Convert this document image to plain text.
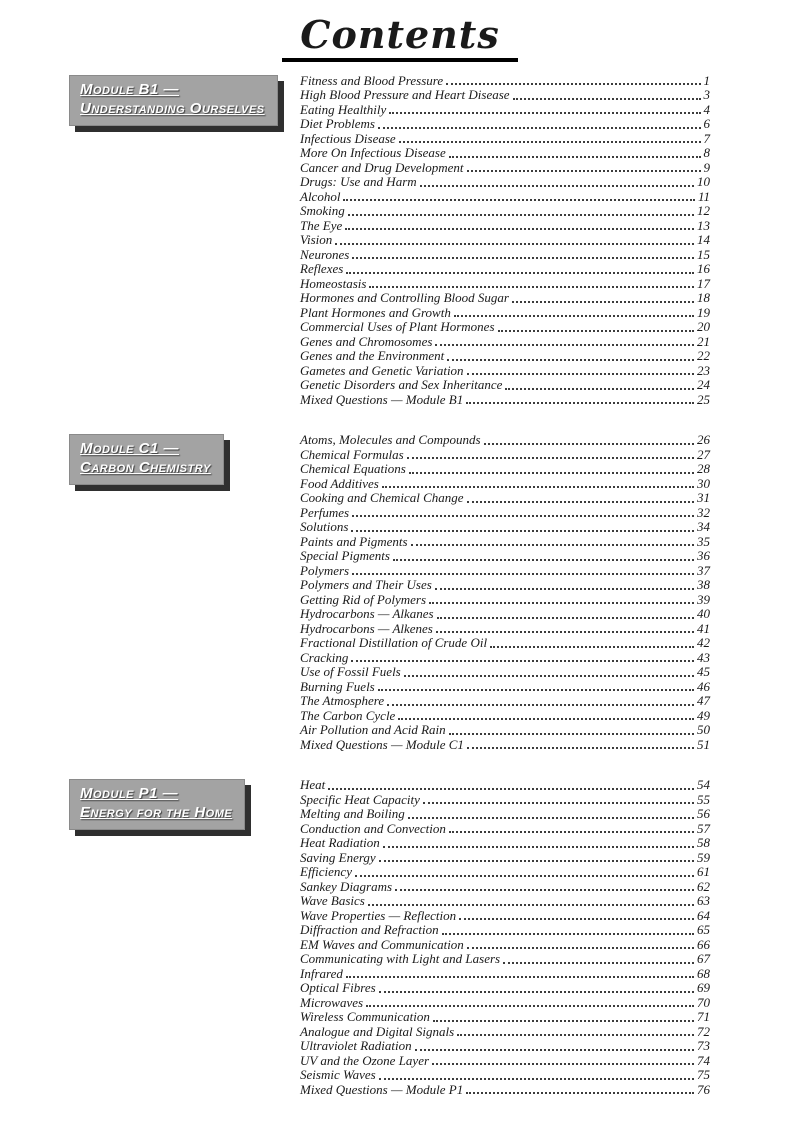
Contents
Module B1 —
Understanding Ourselves
Fitness and Blood Pressure	1
High Blood Pressure and Heart Disease	3
Eating Healthily	4
Diet Problems	6
Infectious Disease	7
More On Infectious Disease	8
Cancer and Drug Development	9
Drugs: Use and Harm	10
Alcohol	11
Smoking	12
The Eye	13
Vision	14
Neurones	15
Reflexes	16
Homeostasis	17
Hormones and Controlling Blood Sugar	18
Plant Hormones and Growth	19
Commercial Uses of Plant Hormones	20
Genes and Chromosomes	21
Genes and the Environment	22
Gametes and Genetic Variation	23
Genetic Disorders and Sex Inheritance	24
Mixed Questions — Module B1	25
Module C1 —
Carbon Chemistry
Atoms, Molecules and Compounds	26
Chemical Formulas	27
Chemical Equations	28
Food Additives	30
Cooking and Chemical Change	31
Perfumes	32
Solutions	34
Paints and Pigments	35
Special Pigments	36
Polymers	37
Polymers and Their Uses	38
Getting Rid of Polymers	39
Hydrocarbons — Alkanes	40
Hydrocarbons — Alkenes	41
Fractional Distillation of Crude Oil	42
Cracking	43
Use of Fossil Fuels	45
Burning Fuels	46
The Atmosphere	47
The Carbon Cycle	49
Air Pollution and Acid Rain	50
Mixed Questions — Module C1	51
Module P1 —
Energy for the Home
Heat	54
Specific Heat Capacity	55
Melting and Boiling	56
Conduction and Convection	57
Heat Radiation	58
Saving Energy	59
Efficiency	61
Sankey Diagrams	62
Wave Basics	63
Wave Properties — Reflection	64
Diffraction and Refraction	65
EM Waves and Communication	66
Communicating with Light and Lasers	67
Infrared	68
Optical Fibres	69
Microwaves	70
Wireless Communication	71
Analogue and Digital Signals	72
Ultraviolet Radiation	73
UV and the Ozone Layer	74
Seismic Waves	75
Mixed Questions — Module P1	76
